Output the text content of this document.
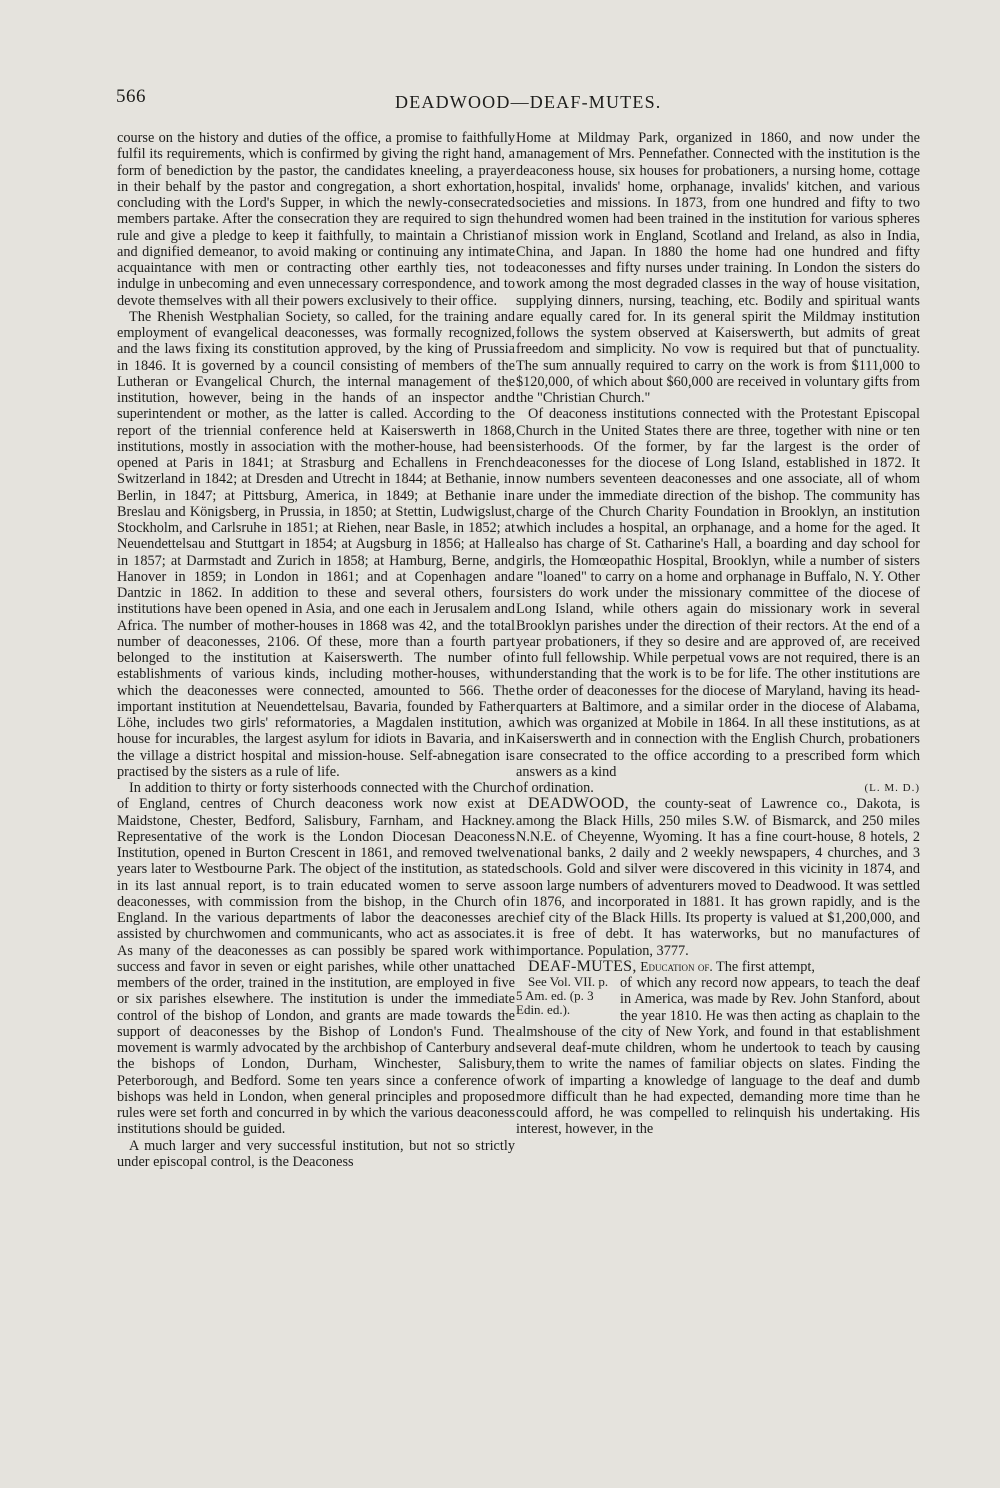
566	DEADWOOD—DEAF-MUTES.

course on the history and duties of the office, a promise to faithfully fulfil its requirements, which is confirmed by giving the right hand, a form of benediction by the pastor, the candidates kneeling, a prayer in their behalf by the pastor and congregation, a short exhortation, concluding with the Lord's Supper, in which the newly-consecrated members partake. After the consecration they are required to sign the rule and give a pledge to keep it faithfully, to maintain a Christian and dignified demeanor, to avoid making or continuing any intimate acquaintance with men or contracting other earthly ties, not to indulge in unbecoming and even unnecessary correspondence, and to devote themselves with all their powers exclusively to their office.

The Rhenish Westphalian Society, so called, for the training and employment of evangelical deaconesses, was formally recognized, and the laws fixing its constitution approved, by the king of Prussia in 1846. It is governed by a council consisting of members of the Lutheran or Evangelical Church, the internal management of the institution, however, being in the hands of an inspector and superintendent or mother, as the latter is called. According to the report of the triennial conference held at Kaiserswerth in 1868, institutions, mostly in association with the mother-house, had been opened at Paris in 1841; at Strasburg and Echallens in French Switzerland in 1842; at Dresden and Utrecht in 1844; at Bethanie, in Berlin, in 1847; at Pittsburg, America, in 1849; at Bethanie in Breslau and Königsberg, in Prussia, in 1850; at Stettin, Ludwigslust, Stockholm, and Carlsruhe in 1851; at Riehen, near Basle, in 1852; at Neuendettelsau and Stuttgart in 1854; at Augsburg in 1856; at Halle in 1857; at Darmstadt and Zurich in 1858; at Hamburg, Berne, and Hanover in 1859; in London in 1861; and at Copenhagen and Dantzic in 1862. In addition to these and several others, four institutions have been opened in Asia, and one each in Jerusalem and Africa. The number of mother-houses in 1868 was 42, and the total number of deaconesses, 2106. Of these, more than a fourth part belonged to the institution at Kaiserswerth. The number of establishments of various kinds, including mother-houses, with which the deaconesses were connected, amounted to 566. The important institution at Neuendettelsau, Bavaria, founded by Father Löhe, includes two girls' reformatories, a Magdalen institution, a house for incurables, the largest asylum for idiots in Bavaria, and in the village a district hospital and mission-house. Self-abnegation is practised by the sisters as a rule of life.

In addition to thirty or forty sisterhoods connected with the Church of England, centres of Church deaconess work now exist at Maidstone, Chester, Bedford, Salisbury, Farnham, and Hackney. Representative of the work is the London Diocesan Deaconess Institution, opened in Burton Crescent in 1861, and removed twelve years later to Westbourne Park. The object of the institution, as stated in its last annual report, is to train educated women to serve as deaconesses, with commission from the bishop, in the Church of England. In the various departments of labor the deaconesses are assisted by churchwomen and communicants, who act as associates. As many of the deaconesses as can possibly be spared work with success and favor in seven or eight parishes, while other unattached members of the order, trained in the institution, are employed in five or six parishes elsewhere. The institution is under the immediate control of the bishop of London, and grants are made towards the support of deaconesses by the Bishop of London's Fund. The movement is warmly advocated by the archbishop of Canterbury and the bishops of London, Durham, Winchester, Salisbury, Peterborough, and Bedford. Some ten years since a conference of bishops was held in London, when general principles and proposed rules were set forth and concurred in by which the various deaconess institutions should be guided.

A much larger and very successful institution, but not so strictly under episcopal control, is the Deaconess

Home at Mildmay Park, organized in 1860, and now under the management of Mrs. Pennefather. Connected with the institution is the deaconess house, six houses for probationers, a nursing home, cottage hospital, invalids' home, orphanage, invalids' kitchen, and various societies and missions. In 1873, from one hundred and fifty to two hundred women had been trained in the institution for various spheres of mission work in England, Scotland and Ireland, as also in India, China, and Japan. In 1880 the home had one hundred and fifty deaconesses and fifty nurses under training. In London the sisters do work among the most degraded classes in the way of house visitation, supplying dinners, nursing, teaching, etc. Bodily and spiritual wants are equally cared for. In its general spirit the Mildmay institution follows the system observed at Kaiserswerth, but admits of great freedom and simplicity. No vow is required but that of punctuality. The sum annually required to carry on the work is from $111,000 to $120,000, of which about $60,000 are received in voluntary gifts from the "Christian Church."

Of deaconess institutions connected with the Protestant Episcopal Church in the United States there are three, together with nine or ten sisterhoods. Of the former, by far the largest is the order of deaconesses for the diocese of Long Island, established in 1872. It now numbers seventeen deaconesses and one associate, all of whom are under the immediate direction of the bishop. The community has charge of the Church Charity Foundation in Brooklyn, an institution which includes a hospital, an orphanage, and a home for the aged. It also has charge of St. Catharine's Hall, a boarding and day school for girls, the Homœopathic Hospital, Brooklyn, while a number of sisters are "loaned" to carry on a home and orphanage in Buffalo, N. Y. Other sisters do work under the missionary committee of the diocese of Long Island, while others again do missionary work in several Brooklyn parishes under the direction of their rectors. At the end of a year probationers, if they so desire and are approved of, are received into full fellowship. While perpetual vows are not required, there is an understanding that the work is to be for life. The other institutions are the order of deaconesses for the diocese of Maryland, having its head-quarters at Baltimore, and a similar order in the diocese of Alabama, which was organized at Mobile in 1864. In all these institutions, as at Kaiserswerth and in connection with the English Church, probationers are consecrated to the office according to a prescribed form which answers as a kind

of ordination.	(L. M. D.)

DEADWOOD, the county-seat of Lawrence co., Dakota, is among the Black Hills, 250 miles S.W. of Bismarck, and 250 miles N.N.E. of Cheyenne, Wyoming. It has a fine court-house, 8 hotels, 2 national banks, 2 daily and 2 weekly newspapers, 4 churches, and 3 schools. Gold and silver were discovered in this vicinity in 1874, and soon large numbers of adventurers moved to Deadwood. It was settled in 1876, and incorporated in 1881. It has grown rapidly, and is the chief city of the Black Hills. Its property is valued at $1,200,000, and it is free of debt. It has waterworks, but no manufactures of importance. Population, 3777.

DEAF-MUTES, Education of. The first attempt,

See Vol. VII. p. 5 Am. ed. (p. 3 Edin. ed.).
of which any record now appears, to teach the deaf in America, was made by Rev. John Stanford, about the year 1810. He was then acting as chaplain to the almshouse of the city of New York, and found in that establishment several deaf-mute children, whom he undertook to teach by causing them to write the names of familiar objects on slates. Finding the work of imparting a knowledge of language to the deaf and dumb more difficult than he had expected, demanding more time than he could afford, he was compelled to relinquish his undertaking. His interest, however, in the
